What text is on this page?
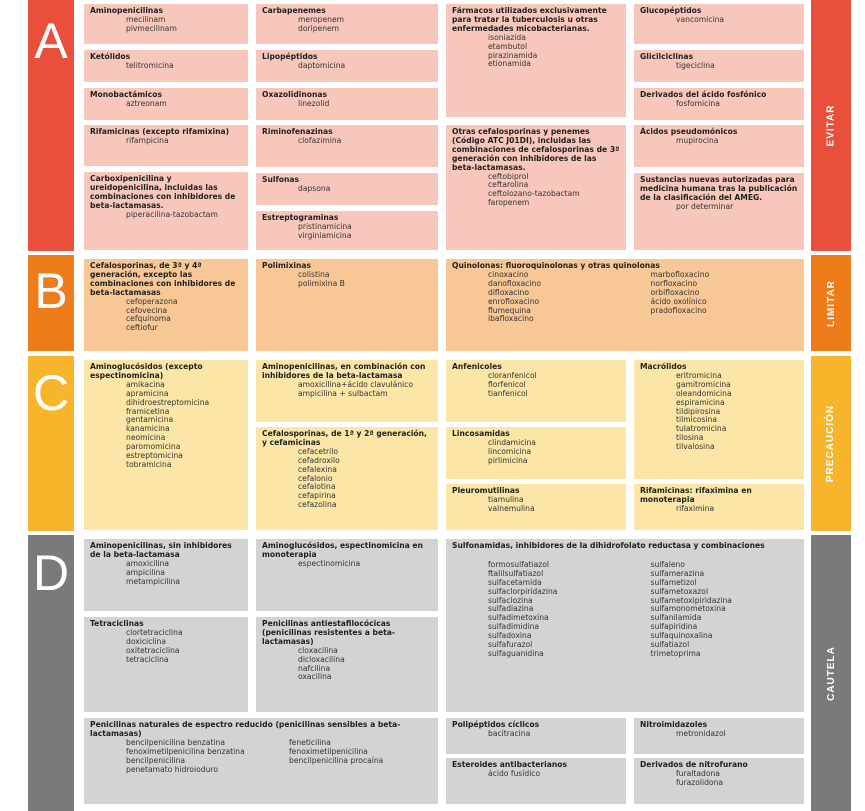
A
B
C
D
EVITAR
LIMITAR
PRECAUCIÓN
CAUTELA
Aminopenicilinas
mecilinam
pivmecilinam
Ketólidos
telitromicina
Monobactámicos
aztreonam
Rifamicinas (excepto rifamixina)
rifampicina
Carboxipenicilina y ureidopenicilina, incluidas las combinaciones con inhibidores de beta-lactamasas.
piperacilina-tazobactam
Carbapenemes
meropenem
doripenem
Lipopéptidos
daptomicina
Oxazolidinonas
linezolid
Riminofenazinas
clofazimina
Sulfonas
dapsona
Estreptograminas
pristinamicina
virginiamicina
Fármacos utilizados exclusivamente para tratar la tuberculosis u otras enfermedades micobacterianas.
isoniazida
etambutol
pirazinamida
etionamida
Otras cefalosporinas y penemes (Código ATC J01DI), incluidas las combinaciones de cefalosporinas de 3ª generación con inhibidores de las beta-lactamasas.
ceftobiprol
ceftarolina
ceftolozano-tazobactam
faropenem
Glucopéptidos
vancomicina
Glicilciclinas
tigeciclina
Derivados del ácido fosfónico
fosfomicina
Ácidos pseudomónicos
mupirocina
Sustancias nuevas autorizadas para medicina humana tras la publicación de la clasificación del AMEG.
por determinar
Cefalosporinas, de 3ª y 4ª generación, excepto las combinaciones con inhibidores de beta-lactamasas
cefoperazona
cefovecina
cefquinoma
ceftiofur
Polimixinas
colistina
polimixina B
Quinolonas: fluoroquinolonas y otras quinolonas
cinoxacino
danofloxacino
difloxacino
enrofloxacino
flumequina
ibafloxacino
marbofloxacino
norfloxacino
orbifloxacino
ácido oxolínico
pradofloxacino
Aminoglucósidos (excepto espectinomicina)
amikacina
apramicina
dihidroestreptomicina
framicetina
gentamicina
kanamicina
neomicina
paromomicina
estreptomicina
tobramicina
Aminopenicilinas, en combinación con inhibidores de la beta-lactamasa
amoxicilina+ácido clavulánico
ampicilina + sulbactam
Cefalosporinas, de 1ª y 2ª generación, y cefamicinas
cefacetrilo
cefadroxilo
cefalexina
cefalonio
cefalotina
cefapirina
cefazolina
Anfenicoles
cloranfenicol
florfenicol
tianfenicol
Lincosamidas
clindamicina
lincomicina
pirlimicina
Pleuromutilinas
tiamulina
valnemulina
Macrólidos
eritromicina
gamitromicina
oleandomicina
espiramicina
tildipirosina
tilmicosina
tulatromicina
tilosina
tilvalosina
Rifamicinas: rifaximina en monoterapia
rifaximina
Aminopenicilinas, sin inhibidores de la beta-lactamasa
amoxicilina
ampicilina
metampicilina
Tetraciclinas
clortetraciclina
doxiciclina
oxitetraciclina
tetraciclina
Aminoglucósidos, espectinomicina en monoterapia
espectinomicina
Penicilinas antiestafilocócicas (penicilinas resistentes a beta-lactamasas)
cloxacilina
dicloxacilina
nafcilina
oxacilina
Sulfonamidas, inhibidores de la dihidrofolato reductasa y combinaciones
formosulfatiazol
ftalilsulfatiazol
sulfacetamida
sulfaclorpiridazina
sulfaclozina
sulfadiazina
sulfadimetoxina
sulfadimidina
sulfadoxina
sulfafurazol
sulfaguanidina
sulfaleno
sulfamerazina
sulfametizol
sulfametoxazol
sulfametoxipiridazina
sulfamonometoxina
sulfanilamida
sulfapiridina
sulfaquinoxalina
sulfatiazol
trimetoprima
Penicilinas naturales de espectro reducido (penicilinas sensibles a beta-lactamasas)
bencilpenicilina benzatina
fenoximetilpenicilina benzatina
bencilpenicilina
penetamato hidroioduro
feneticilina
fenoximetilpenicilina
bencilpenicilina procaína
Polipéptidos cíclicos
bacitracina
Esteroides antibacterianos
ácido fusídico
Nitroimidazoles
metronidazol
Derivados de nitrofurano
furaltadona
furazolidona
